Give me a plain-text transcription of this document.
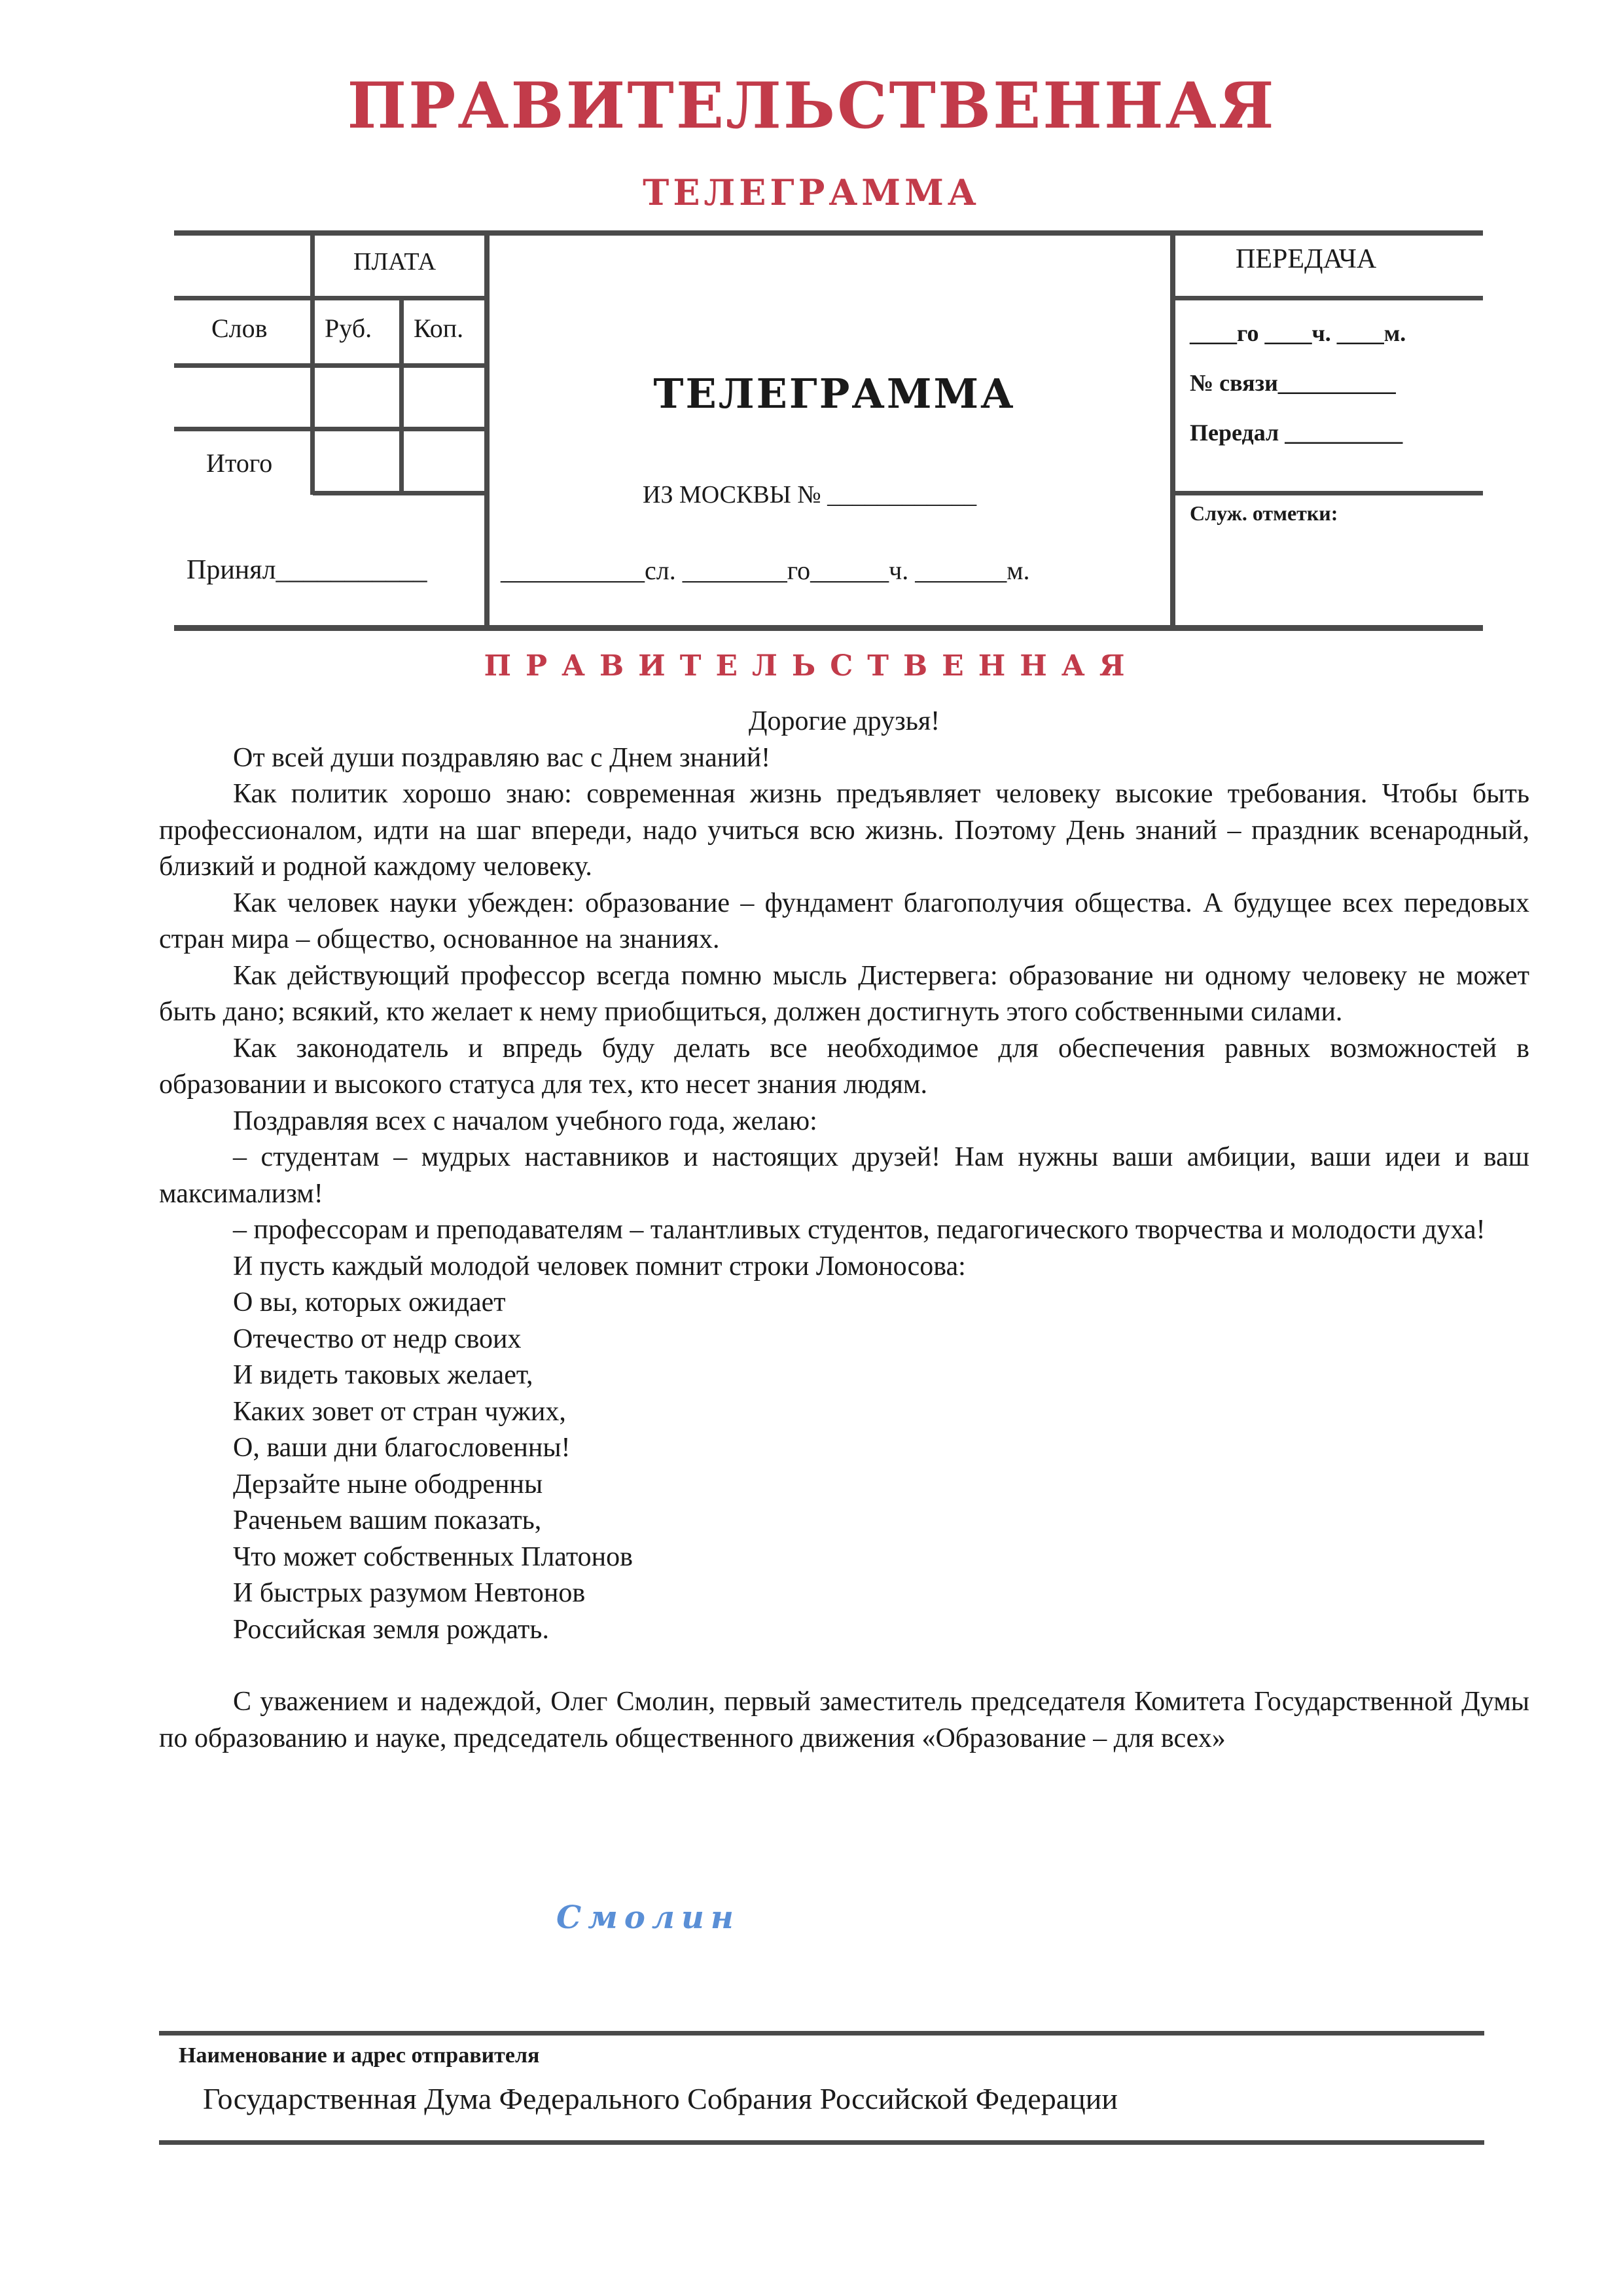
ПРАВИТЕЛЬСТВЕННАЯ
ТЕЛЕГРАММА
ПЛАТА
Слов Руб. Коп.
Итого
Принял___________
ТЕЛЕГРАММА
ИЗ МОСКВЫ № ____________
___________сл. ________го______ч. _______м.
ПЕРЕДАЧА
____го ____ч. ____м.
№ связи__________
Передал __________
Служ. отметки:
ПРАВИТЕЛЬСТВЕННАЯ

Дорогие друзья!

От всей души поздравляю вас с Днем знаний!

Как политик хорошо знаю: современная жизнь предъявляет человеку высокие требования. Чтобы быть профессионалом, идти на шаг впереди, надо учиться всю жизнь. Поэтому День знаний – праздник всенародный, близкий и родной каждому человеку.

Как человек науки убежден: образование – фундамент благополучия общества. А будущее всех передовых стран мира – общество, основанное на знаниях.

Как действующий профессор всегда помню мысль Дистервега: образование ни одному человеку не может быть дано; всякий, кто желает к нему приобщиться, должен достигнуть этого собственными силами.

Как законодатель и впредь буду делать все необходимое для обеспечения равных возможностей в образовании и высокого статуса для тех, кто несет знания людям.

Поздравляя всех с началом учебного года, желаю:

– студентам – мудрых наставников и настоящих друзей! Нам нужны ваши амбиции, ваши идеи и ваш максимализм!

– профессорам и преподавателям – талантливых студентов, педагогического творчества и молодости духа!

И пусть каждый молодой человек помнит строки Ломоносова:

О вы, которых ожидает

Отечество от недр своих

И видеть таковых желает,

Каких зовет от стран чужих,

О, ваши дни благословенны!

Дерзайте ныне ободренны

Раченьем вашим показать,

Что может собственных Платонов

И быстрых разумом Невтонов

Российская земля рождать.

С уважением и надеждой, Олег Смолин, первый заместитель председателя Комитета Государственной Думы по образованию и науке, председатель общественного движения «Образование – для всех»

Смолин
Наименование и адрес отправителя
Государственная Дума Федерального Собрания Российской Федерации
